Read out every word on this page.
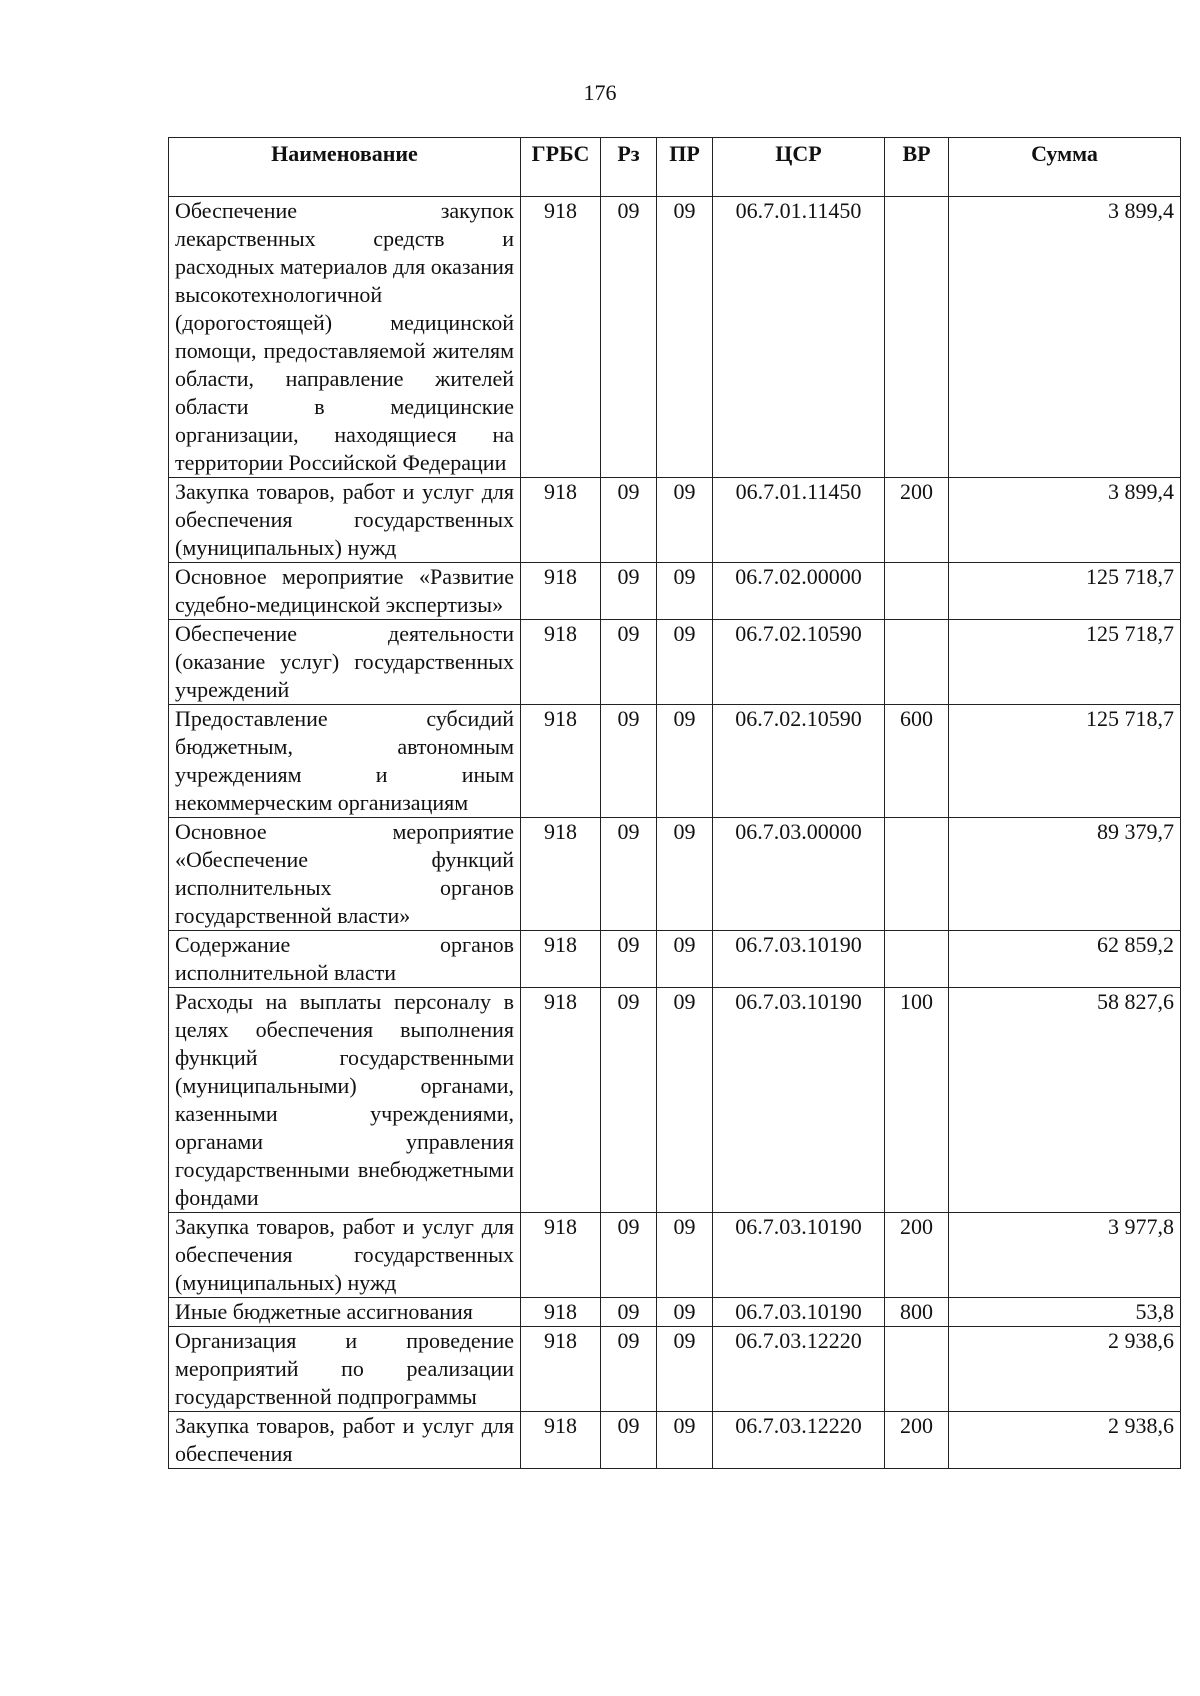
176
Наименование	ГРБС	Рз	ПР	ЦСР	ВР	Сумма
Обеспечение закупок лекарственных средств и расходных материалов для оказания высокотехнологичной (дорогостоящей) медицинской помощи, предоставляемой жителям области, направление жителей области в медицинские организации, находящиеся на территории Российской Федерации	918	09	09	06.7.01.11450		3 899,4
Закупка товаров, работ и услуг для обеспечения государственных (муниципальных) нужд	918	09	09	06.7.01.11450	200	3 899,4
Основное мероприятие «Развитие судебно-медицинской экспертизы»	918	09	09	06.7.02.00000		125 718,7
Обеспечение деятельности (оказание услуг) государственных учреждений	918	09	09	06.7.02.10590		125 718,7
Предоставление субсидий бюджетным, автономным учреждениям и иным некоммерческим организациям	918	09	09	06.7.02.10590	600	125 718,7
Основное мероприятие «Обеспечение функций исполнительных органов государственной власти»	918	09	09	06.7.03.00000		89 379,7
Содержание органов исполнительной власти	918	09	09	06.7.03.10190		62 859,2
Расходы на выплаты персоналу в целях обеспечения выполнения функций государственными (муниципальными) органами, казенными учреждениями, органами управления государственными внебюджетными фондами	918	09	09	06.7.03.10190	100	58 827,6
Закупка товаров, работ и услуг для обеспечения государственных (муниципальных) нужд	918	09	09	06.7.03.10190	200	3 977,8
Иные бюджетные ассигнования	918	09	09	06.7.03.10190	800	53,8
Организация и проведение мероприятий по реализации государственной подпрограммы	918	09	09	06.7.03.12220		2 938,6
Закупка товаров, работ и услуг для обеспечения	918	09	09	06.7.03.12220	200	2 938,6
